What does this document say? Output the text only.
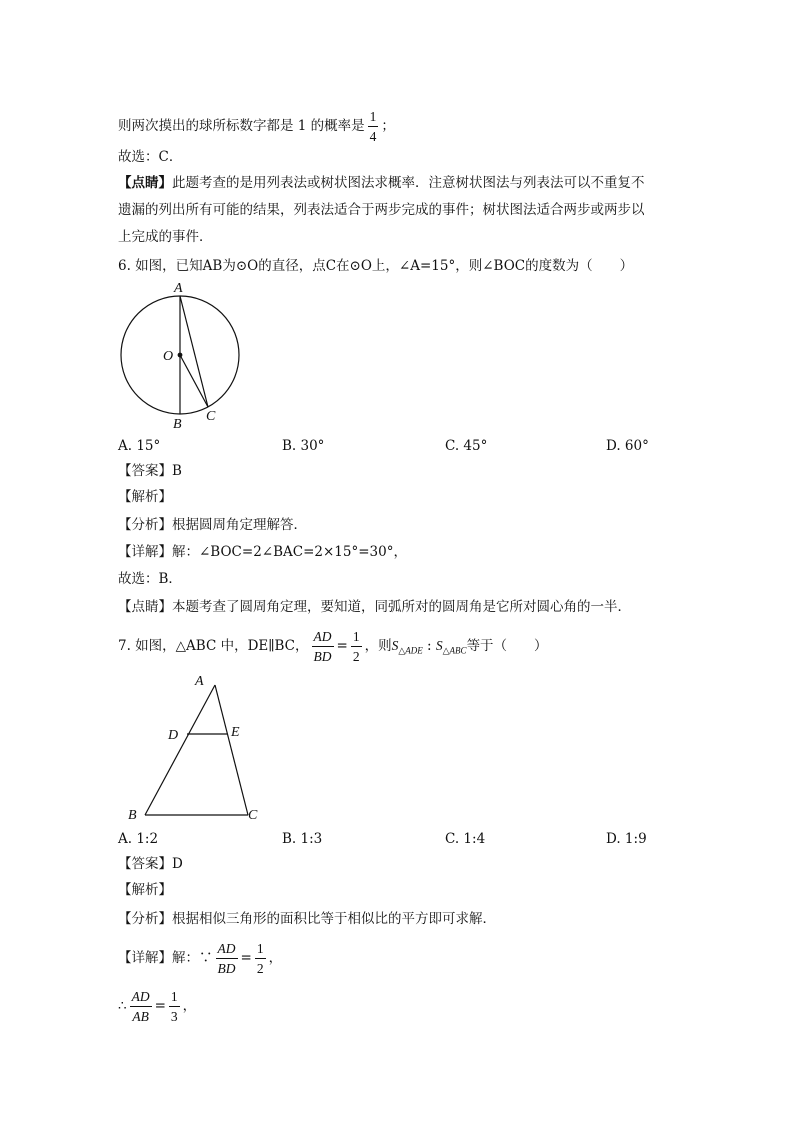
则两次摸出的球所标数字都是 1 的概率是 $\frac{1}{4}$ ；
故选：C．
【点睛】此题考查的是用列表法或树状图法求概率．注意树状图法与列表法可以不重复不
遗漏的列出所有可能的结果，列表法适合于两步完成的事件；树状图法适合两步或两步以
上完成的事件．
6. 如图，已知AB为⊙O的直径，点C在⊙O上，∠A=15°，则∠BOC的度数为（　　）
A
O
B
C
A. 15°	B. 30°	C. 45°	D. 60°
【答案】B
【解析】
【分析】根据圆周角定理解答．
【详解】解：∠BOC=2∠BAC=2×15°=30°，
故选：B．
【点睛】本题考查了圆周角定理，要知道，同弧所对的圆周角是它所对圆心角的一半．
7. 如图，△ABC 中，DE∥BC， $\frac{AD}{BD} = \frac{1}{2}$ ，则$S_{\triangle ADE}$ : $S_{\triangle ABC}$等于（　　）
A
D	E
B	C
A. 1:2	B. 1:3	C. 1:4	D. 1:9
【答案】D
【解析】
【分析】根据相似三角形的面积比等于相似比的平方即可求解．
【详解】解：∵ $\frac{AD}{BD} = \frac{1}{2}$ ，
∴ $\frac{AD}{AB} = \frac{1}{3}$ ，
